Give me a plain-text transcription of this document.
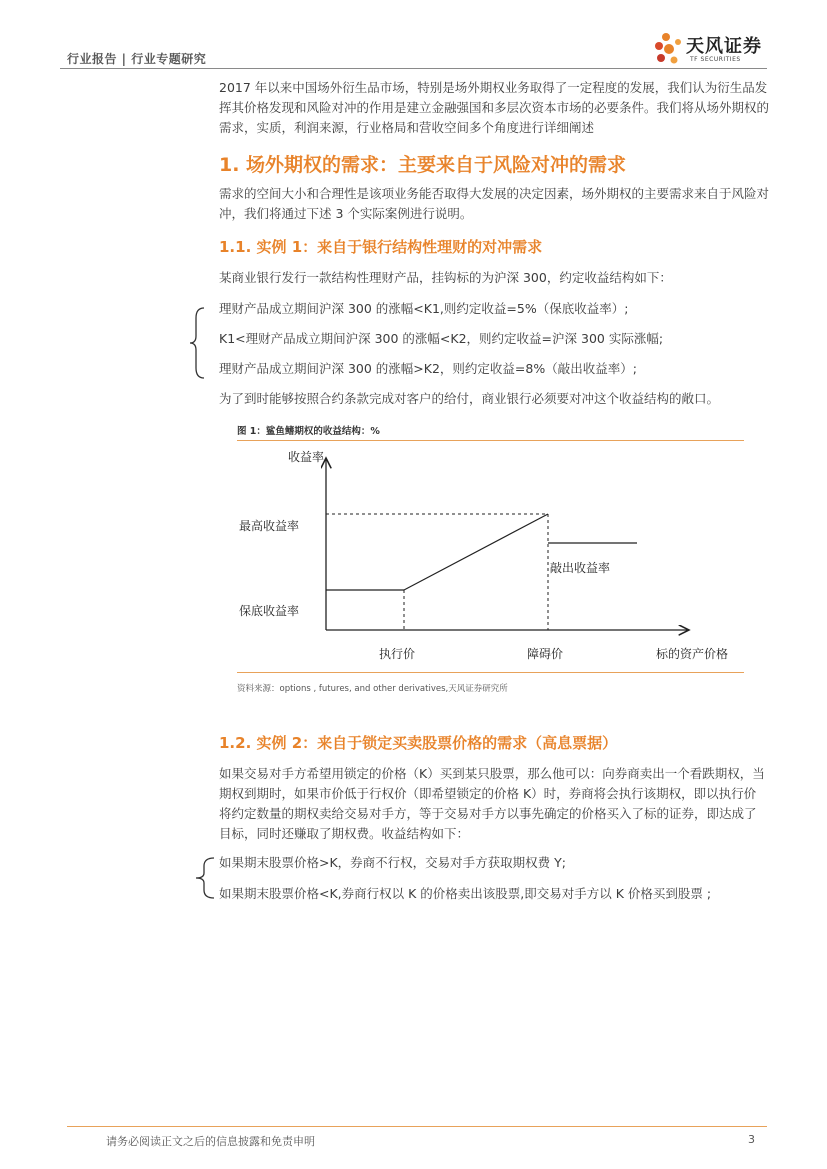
行业报告 | 行业专题研究
天风证券
TF SECURITIES
2017 年以来中国场外衍生品市场，特别是场外期权业务取得了一定程度的发展，我们认为衍生品发挥其价格发现和风险对冲的作用是建立金融强国和多层次资本市场的必要条件。我们将从场外期权的需求，实质，利润来源，行业格局和营收空间多个角度进行详细阐述
1. 场外期权的需求：主要来自于风险对冲的需求
需求的空间大小和合理性是该项业务能否取得大发展的决定因素，场外期权的主要需求来自于风险对冲，我们将通过下述 3 个实际案例进行说明。
1.1. 实例 1：来自于银行结构性理财的对冲需求
某商业银行发行一款结构性理财产品，挂钩标的为沪深 300，约定收益结构如下：
理财产品成立期间沪深 300 的涨幅<K1,则约定收益=5%（保底收益率）;
K1<理财产品成立期间沪深 300 的涨幅<K2，则约定收益=沪深 300 实际涨幅;
理财产品成立期间沪深 300 的涨幅>K2，则约定收益=8%（敲出收益率）;
为了到时能够按照合约条款完成对客户的给付，商业银行必须要对冲这个收益结构的敞口。
图 1：鲨鱼鳍期权的收益结构：%
收益率
最高收益率
敲出收益率
保底收益率
执行价	障碍价	标的资产价格
资料来源：options , futures, and other derivatives,天风证券研究所
1.2. 实例 2：来自于锁定买卖股票价格的需求（高息票据）
如果交易对手方希望用锁定的价格（K）买到某只股票，那么他可以：向券商卖出一个看跌期权，当期权到期时，如果市价低于行权价（即希望锁定的价格 K）时，券商将会执行该期权，即以执行价将约定数量的期权卖给交易对手方，等于交易对手方以事先确定的价格买入了标的证券，即达成了目标，同时还赚取了期权费。收益结构如下：
如果期末股票价格>K，券商不行权，交易对手方获取期权费 Y;
如果期末股票价格<K,券商行权以 K 的价格卖出该股票,即交易对手方以 K 价格买到股票 ;
请务必阅读正文之后的信息披露和免责申明	3
